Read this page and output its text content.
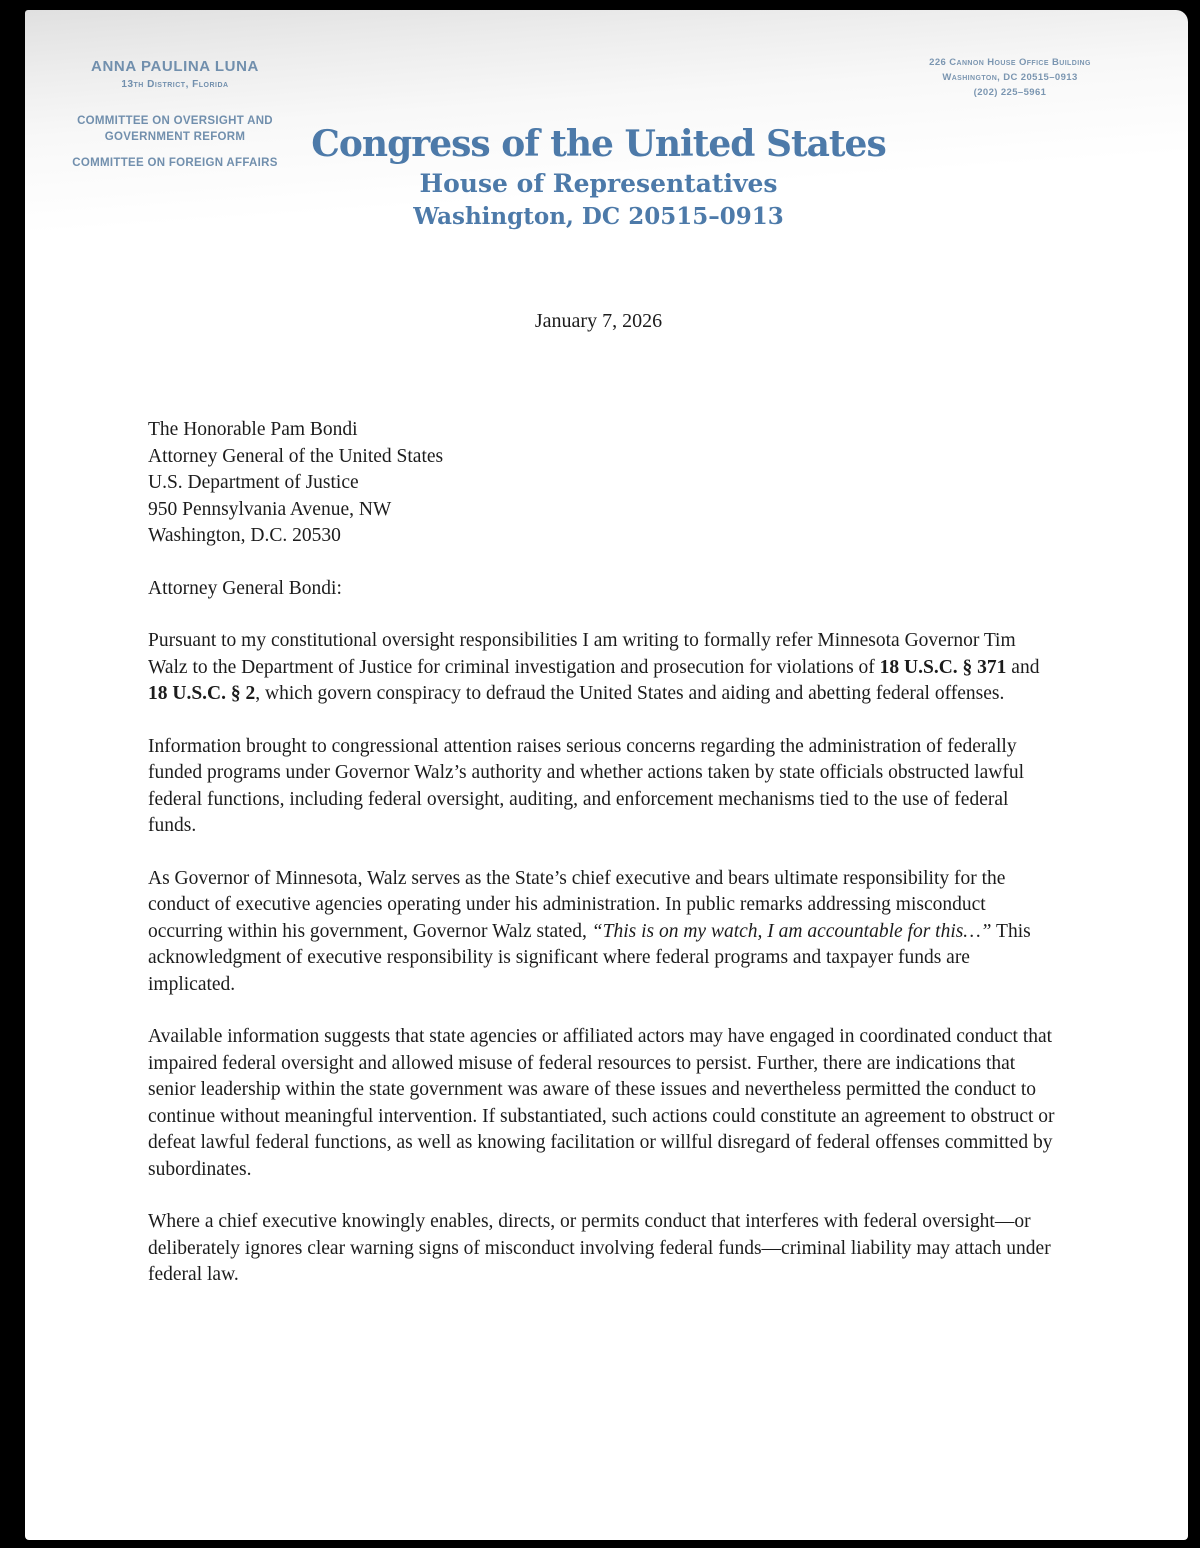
ANNA PAULINA LUNA
13th District, Florida
COMMITTEE ON OVERSIGHT AND GOVERNMENT REFORM
COMMITTEE ON FOREIGN AFFAIRS
226 Cannon House Office Building
Washington, DC 20515–0913
(202) 225–5961
Congress of the United States
House of Representatives
Washington, DC 20515–0913
January 7, 2026
The Honorable Pam Bondi
Attorney General of the United States
U.S. Department of Justice
950 Pennsylvania Avenue, NW
Washington, D.C. 20530
Attorney General Bondi:
Pursuant to my constitutional oversight responsibilities I am writing to formally refer Minnesota Governor Tim Walz to the Department of Justice for criminal investigation and prosecution for violations of 18 U.S.C. § 371 and 18 U.S.C. § 2, which govern conspiracy to defraud the United States and aiding and abetting federal offenses.
Information brought to congressional attention raises serious concerns regarding the administration of federally funded programs under Governor Walz’s authority and whether actions taken by state officials obstructed lawful federal functions, including federal oversight, auditing, and enforcement mechanisms tied to the use of federal funds.
As Governor of Minnesota, Walz serves as the State’s chief executive and bears ultimate responsibility for the conduct of executive agencies operating under his administration. In public remarks addressing misconduct occurring within his government, Governor Walz stated, “This is on my watch, I am accountable for this…” This acknowledgment of executive responsibility is significant where federal programs and taxpayer funds are implicated.
Available information suggests that state agencies or affiliated actors may have engaged in coordinated conduct that impaired federal oversight and allowed misuse of federal resources to persist. Further, there are indications that senior leadership within the state government was aware of these issues and nevertheless permitted the conduct to continue without meaningful intervention. If substantiated, such actions could constitute an agreement to obstruct or defeat lawful federal functions, as well as knowing facilitation or willful disregard of federal offenses committed by subordinates.
Where a chief executive knowingly enables, directs, or permits conduct that interferes with federal oversight—or deliberately ignores clear warning signs of misconduct involving federal funds—criminal liability may attach under federal law.
